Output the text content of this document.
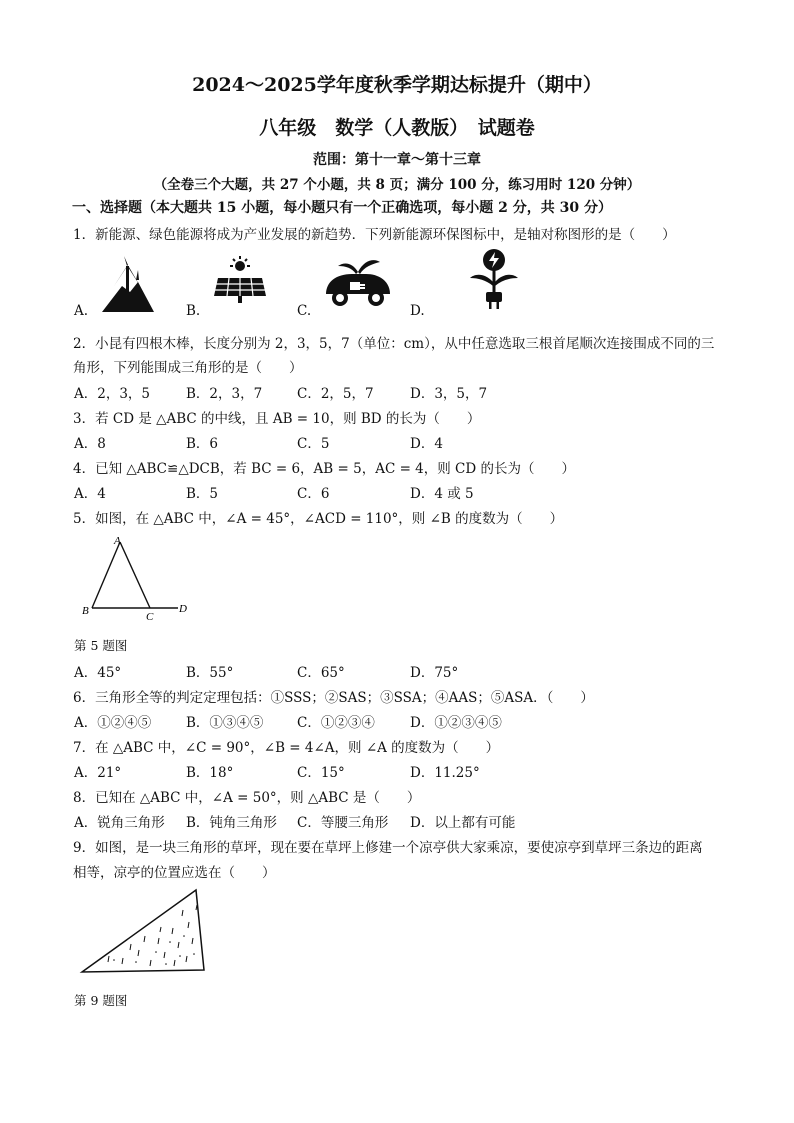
2024～2025学年度秋季学期达标提升（期中）
八年级　数学（人教版）　试题卷
范围：第十一章～第十三章
（全卷三个大题，共 27 个小题，共 8 页；满分 100 分，练习用时 120 分钟）
一、选择题（本大题共 15 小题，每小题只有一个正确选项，每小题 2 分，共 30 分）
1．新能源、绿色能源将成为产业发展的新趋势．下列新能源环保图标中，是轴对称图形的是（　　）
A.	B.	C.	D.
2．小昆有四根木棒，长度分别为 2，3，5，7（单位：cm），从中任意选取三根首尾顺次连接围成不同的三
角形，下列能围成三角形的是（　　）
A．2，3，5	B．2，3，7	C．2，5，7	D．3，5，7
3．若 CD 是 △ABC 的中线，且 AB = 10，则 BD 的长为（　　）
A．8	B．6	C．5	D．4
4．已知 △ABC≌△DCB，若 BC = 6，AB = 5，AC = 4，则 CD 的长为（　　）
A．4	B．5	C．6	D．4 或 5
5．如图，在 △ABC 中，∠A = 45°，∠ACD = 110°，则 ∠B 的度数为（　　）
A
B	C
D
第 5 题图
A．45°	B．55°	C．65°	D．75°
6．三角形全等的判定定理包括：①SSS；②SAS；③SSA；④AAS；⑤ASA．（　　）
A．①②④⑤	B．①③④⑤ C．①②③④	D．①②③④⑤
7．在 △ABC 中，∠C = 90°，∠B = 4∠A，则 ∠A 的度数为（　　）
A．21°	B．18°	C．15°	D．11.25°
8．已知在 △ABC 中，∠A = 50°，则 △ABC 是（　　）
A．锐角三角形 B．钝角三角形 C．等腰三角形 D．以上都有可能
9．如图，是一块三角形的草坪，现在要在草坪上修建一个凉亭供大家乘凉，要使凉亭到草坪三条边的距离
相等，凉亭的位置应选在（　　）
第 9 题图
